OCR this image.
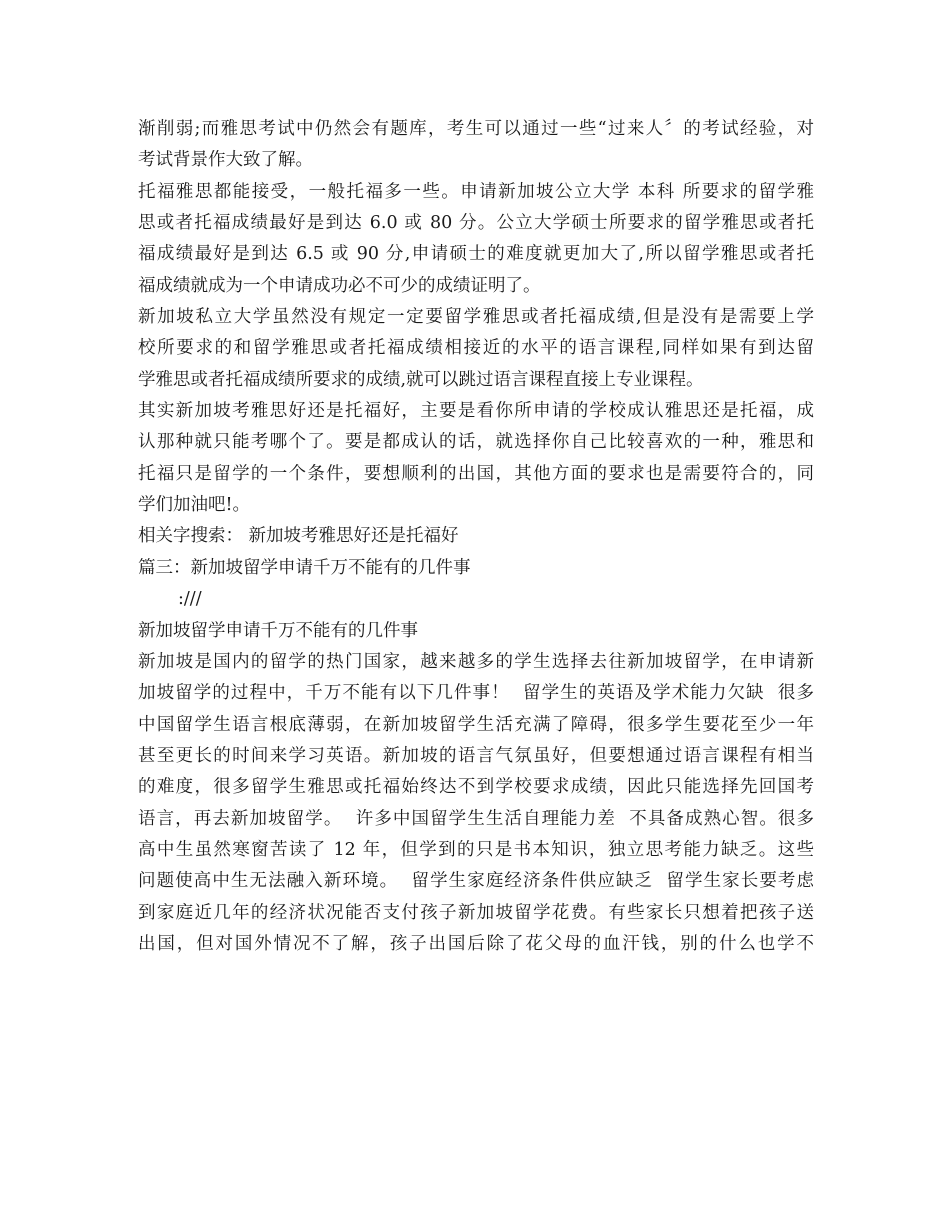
渐削弱;而雅思考试中仍然会有题库，考生可以通过一些“过来人〞的考试经验，对
考试背景作大致了解。
托福雅思都能接受，一般托福多一些。申请新加坡公立大学 本科 所要求的留学雅
思或者托福成绩最好是到达 6.0 或 80 分。公立大学硕士所要求的留学雅思或者托
福成绩最好是到达 6.5 或 90 分,申请硕士的难度就更加大了,所以留学雅思或者托
福成绩就成为一个申请成功必不可少的成绩证明了。
新加坡私立大学虽然没有规定一定要留学雅思或者托福成绩,但是没有是需要上学
校所要求的和留学雅思或者托福成绩相接近的水平的语言课程,同样如果有到达留
学雅思或者托福成绩所要求的成绩,就可以跳过语言课程直接上专业课程。
其实新加坡考雅思好还是托福好，主要是看你所申请的学校成认雅思还是托福，成
认那种就只能考哪个了。要是都成认的话，就选择你自己比较喜欢的一种，雅思和
托福只是留学的一个条件，要想顺利的出国，其他方面的要求也是需要符合的，同
学们加油吧!。
相关字搜索： 新加坡考雅思好还是托福好
篇三：新加坡留学申请千万不能有的几件事
:///
新加坡留学申请千万不能有的几件事
新加坡是国内的留学的热门国家，越来越多的学生选择去往新加坡留学，在申请新
加坡留学的过程中，千万不能有以下几件事！  留学生的英语及学术能力欠缺  很多
中国留学生语言根底薄弱，在新加坡留学生活充满了障碍，很多学生要花至少一年
甚至更长的时间来学习英语。新加坡的语言气氛虽好，但要想通过语言课程有相当
的难度，很多留学生雅思或托福始终达不到学校要求成绩，因此只能选择先回国考
语言，再去新加坡留学。  许多中国留学生生活自理能力差  不具备成熟心智。很多
高中生虽然寒窗苦读了 12 年，但学到的只是书本知识，独立思考能力缺乏。这些
问题使高中生无法融入新环境。  留学生家庭经济条件供应缺乏  留学生家长要考虑
到家庭近几年的经济状况能否支付孩子新加坡留学花费。有些家长只想着把孩子送
出国，但对国外情况不了解，孩子出国后除了花父母的血汗钱，别的什么也学不
